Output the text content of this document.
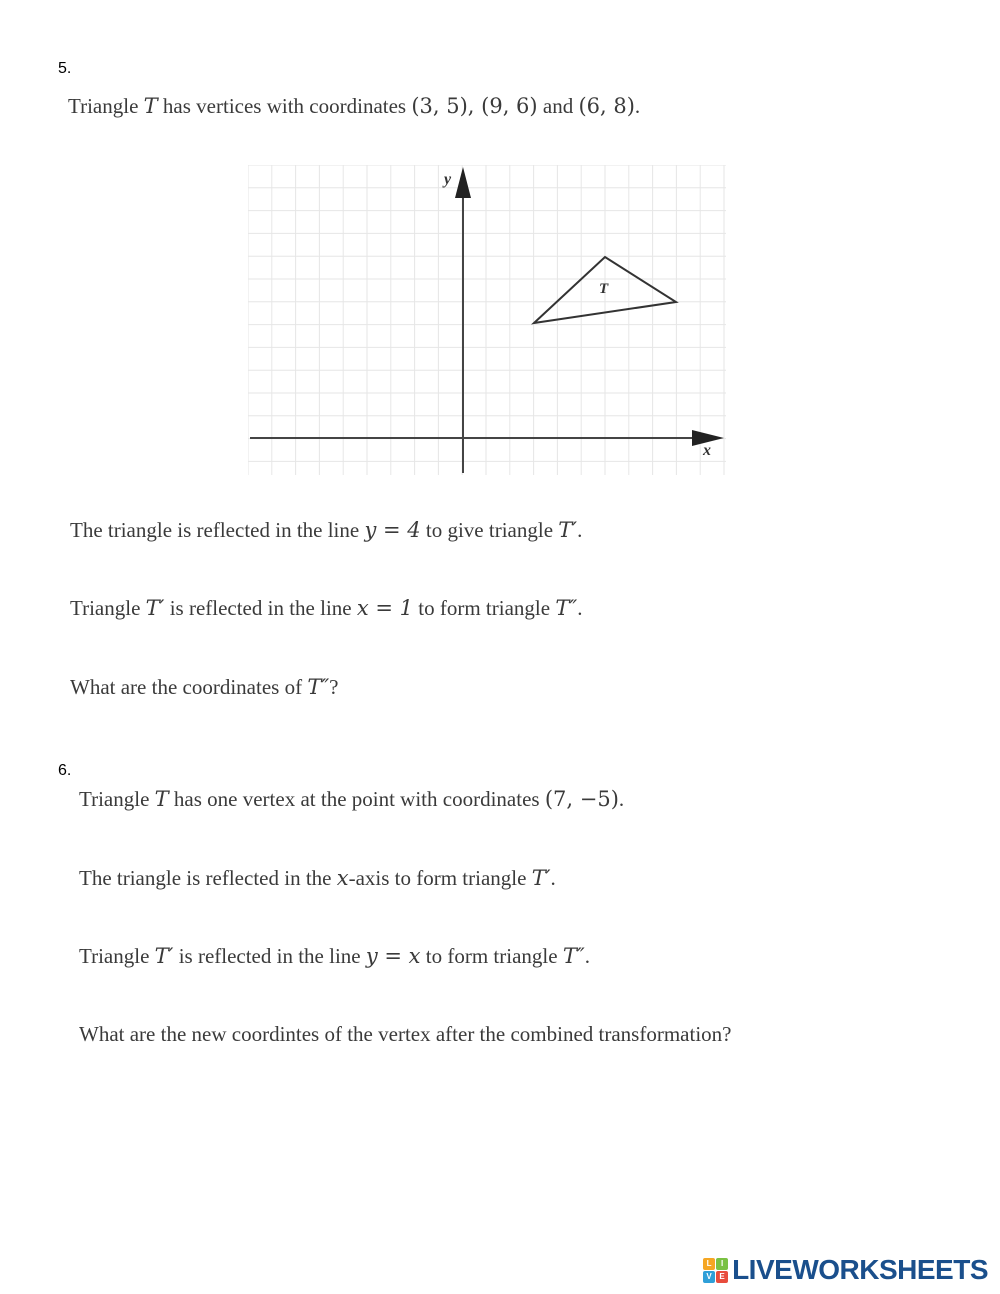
5.
Triangle T has vertices with coordinates (3, 5), (9, 6) and (6, 8).
y
x
T
The triangle is reflected in the line y = 4 to give triangle T′.
Triangle T′ is reflected in the line x = 1 to form triangle T″.
What are the coordinates of T″?
6.
Triangle T has one vertex at the point with coordinates (7, −5).
The triangle is reflected in the x-axis to form triangle T′.
Triangle T′ is reflected in the line y = x to form triangle T″.
What are the new coordintes of the vertex after the combined transformation?
L	I
V E LIVEWORKSHEETS
